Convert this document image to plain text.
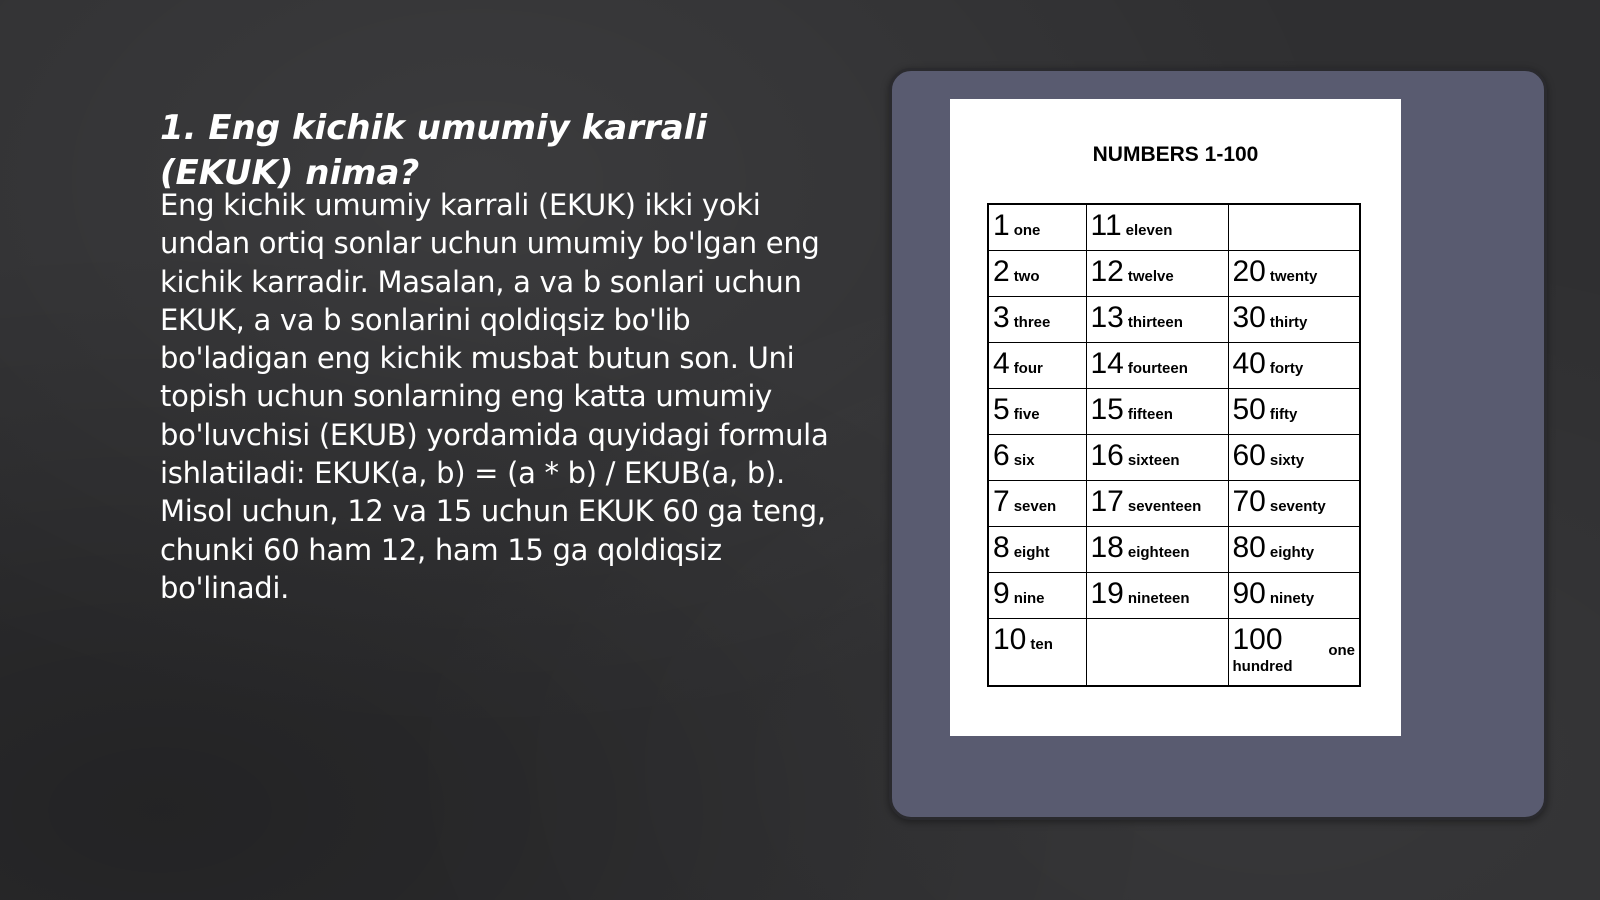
1. Eng kichik umumiy karrali (EKUK) nima?

Eng kichik umumiy karrali (EKUK) ikki yoki undan ortiq sonlar uchun umumiy bo'lgan eng kichik karradir. Masalan, a va b sonlari uchun EKUK, a va b sonlarini qoldiqsiz bo'lib bo'ladigan eng kichik musbat butun son. Uni topish uchun sonlarning eng katta umumiy bo'luvchisi (EKUB) yordamida quyidagi formula ishlatiladi: EKUK(a, b) = (a * b) / EKUB(a, b). Misol uchun, 12 va 15 uchun EKUK 60 ga teng, chunki 60 ham 12, ham 15 ga qoldiqsiz bo'linadi.

NUMBERS 1-100
1 one	11 eleven	
2 two	12 twelve	20 twenty
3 three	13 thirteen	30 thirty
4 four	14 fourteen	40 forty
5 five	15 fifteen	50 fifty
6 six	16 sixteen	60 sixty
7 seven	17 seventeen	70 seventy
8 eight	18 eighteen	80 eighty
9 nine	19 nineteen	90 ninety
10 ten		100 one
hundred
